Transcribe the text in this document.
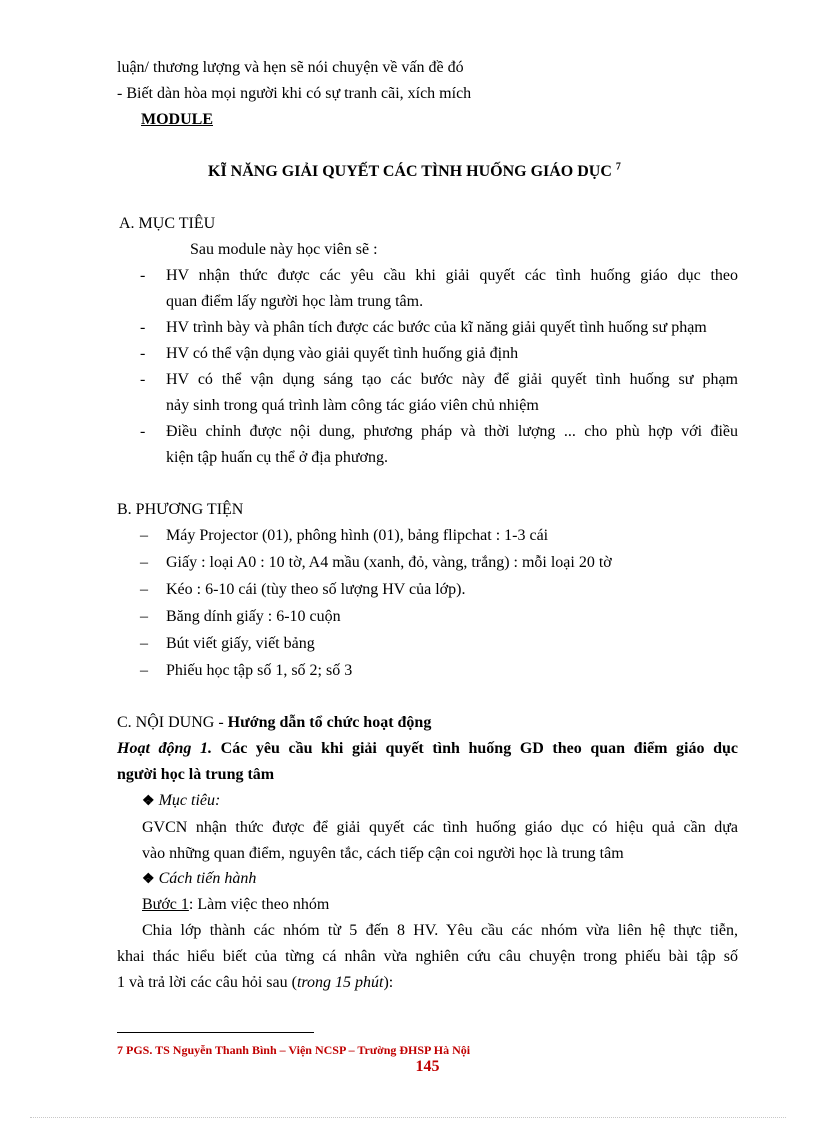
luận/ thương lượng và hẹn sẽ nói chuyện về vấn đề đó
- Biết dàn hòa mọi người khi có sự tranh cãi, xích mích
MODULE
KĨ NĂNG GIẢI QUYẾT CÁC TÌNH HUỐNG GIÁO DỤC $^7$
A. MỤC TIÊU
Sau module này học viên sẽ :
- HV nhận thức được các yêu cầu khi giải quyết các tình huống giáo dục theo
quan điểm lấy người học làm trung tâm.
- HV trình bày và phân tích được các bước của kĩ năng giải quyết tình huống sư phạm
- HV có thể vận dụng vào giải quyết tình huống giả định
- HV có thể vận dụng sáng tạo các bước này để giải quyết tình huống sư phạm
nảy sinh trong quá trình làm công tác giáo viên chủ nhiệm
- Điều chỉnh được nội dung, phương pháp và thời lượng ... cho phù hợp với điều
kiện tập huấn cụ thể ở địa phương.
B. PHƯƠNG TIỆN
– Máy Projector (01), phông hình (01), bảng flipchat : 1-3 cái
– Giấy : loại A0 : 10 tờ, A4 mầu (xanh, đỏ, vàng, trắng) : mỗi loại 20 tờ
– Kéo : 6-10 cái (tùy theo số lượng HV của lớp).
– Băng dính giấy : 6-10 cuộn
– Bút viết giấy, viết bảng
– Phiếu học tập số 1, số 2; số 3
C. NỘI DUNG - Hướng dẫn tổ chức hoạt động
Hoạt động 1. Các yêu cầu khi giải quyết tình huống GD theo quan điểm giáo dục
người học là trung tâm
❖ Mục tiêu:
GVCN nhận thức được để giải quyết các tình huống giáo dục có hiệu quả cần dựa
vào những quan điểm, nguyên tắc, cách tiếp cận coi người học là trung tâm
❖ Cách tiến hành
Bước 1: Làm việc theo nhóm
Chia lớp thành các nhóm từ 5 đến 8 HV. Yêu cầu các nhóm vừa liên hệ thực tiễn,
khai thác hiểu biết của từng cá nhân vừa nghiên cứu câu chuyện trong phiếu bài tập số
1 và trả lời các câu hỏi sau (trong 15 phút):
7 PGS. TS Nguyễn Thanh Bình – Viện NCSP – Trường ĐHSP Hà Nội
145
